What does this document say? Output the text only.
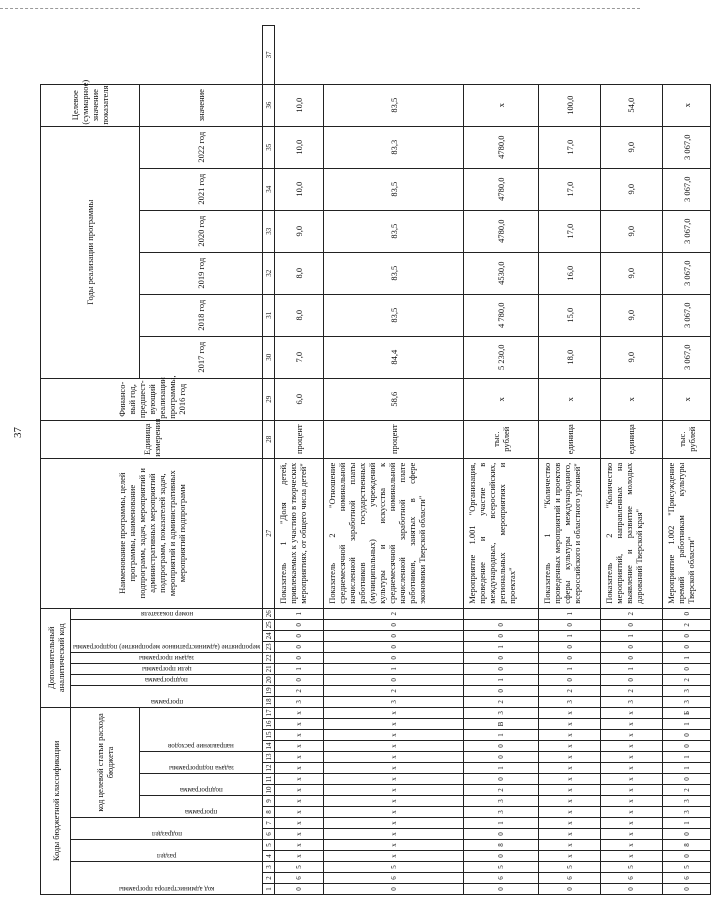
37
Коды бюджетной классификации																	Дополнительный аналитический код									Наименование программы, целей программы, наименование подпрограмм, задач, мероприятий и административных мероприятий подпрограмм, показателей задач, мероприятий и административных мероприятий подпрограмм	Единица измерения	Финансо-вый год, предшест-вующий реализации программы, 2016 год	Годы реализации программы						Целевое (суммарное) значение показателя	

код администратора программы			раздел		подраздел		код целевой статьи расхода бюджета										программа		подпрограмма	цели программы	задачи программы	мероприятие (административное мероприятие) подпрограммы			номер показателя											

							программа		подпрограмма		задача подпрограммы		направление расходов																2017 год	2018 год	2019 год	2020 год	2021 год	2022 год	значение	
1	2	3	4	5	6	7	8	9	10	11	12	13	14	15	16	17	18	19	20	21	22	23	24	25	26	27	28	29	30	31	32	33	34	35	36	37
0	6	5	х	х	х	х	х	х	х	х	х	х	х	х	х	х	3	2	0	1	0	0	0	0	1	Показатель 1 "Доля детей, привлекаемых к участию в творческих мероприятиях, от общего числа детей"	процент	6,0	7,0	8,0	8,0	9,0	10,0	10,0	10,0	
0	6	5	х	х	х	х	х	х	х	х	х	х	х	х	х	х	3	2	0	1	0	0	0	0	2	Показатель 2 "Отношение среднемесячной номинальной начисленной заработной платы работников государственных (муниципальных) учреждений культуры и искусства к среднемесячной номинальной начисленной заработной плате работников, занятых в сфере экономики Тверской области"	процент	58,6	84,4	83,5	83,5	83,5	83,5	83,3	83,5	
0	6	5	0	8	0	1	3	3	2	0	1	0	0	1	В	3	2	0	1	0	0	1	0	0		Мероприятие 1.001 "Организация, проведение и участие в международных, всероссийских, региональных мероприятиях и проектах"	тыс. рублей	х	5 230,0	4 780,0	4530,0	4780,0	4780,0	4780,0	х	
0	6	5	х	х	х	х	х	х	х	х	х	х	х	х	х	х	3	2	0	1	0	0	1	0	1	Показатель 1 "Количество проведенных мероприятий и проектов сферы культуры международного, всероссийского и областного уровней"	единица	х	18,0	15,0	16,0	17,0	17,0	17,0	100,0	
0	6	5	х	х	х	х	х	х	х	х	х	х	х	х	х	х	3	2	0	1	0	0	1	0	2	Показатель 2 "Количество мероприятий, направленных на выявление и развитие молодых дарований Тверской края"	единица	х	9,0	9,0	9,0	9,0	9,0	9,0	54,0	
0	6	5	0	8	0	1	3	3	2	0	1	1	0	0	1	Б	3	3	2	0	1	0	0	2	0	Мероприятие 1.002 "Присуждение премий работникам культуры Тверской области"	тыс. рублей	х	3 067,0	3 067,0	3 067,0	3 067,0	3 067,0	3 067,0	х	
